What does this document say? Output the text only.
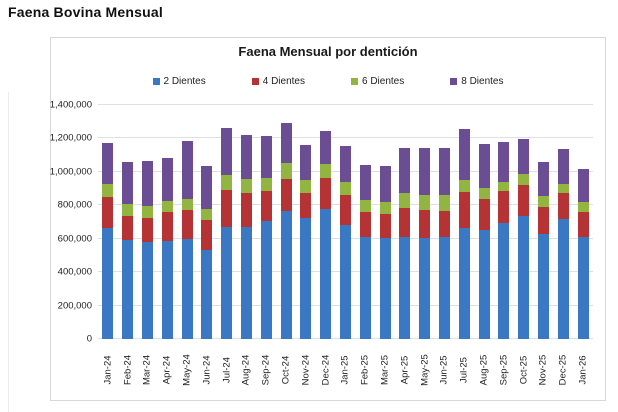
Faena Bovina Mensual
Faena Mensual por dentición
2 Dientes	4 Dientes	6 Dientes	8 Dientes
0
200,000
400,000
600,000
800,000
1,000,000
1,200,000
1,400,000
Jan-24 Feb-24 Mar-24 Apr-24 May-24 Jun-24 Jul-24 Aug-24 Sep-24 Oct-24 Nov-24 Dec-24 Jan-25 Feb-25 Mar-25 Apr-25 May-25 Jun-25 Jul-25 Aug-25 Sep-25 Oct-25 Nov-25 Dec-25 Jan-26
